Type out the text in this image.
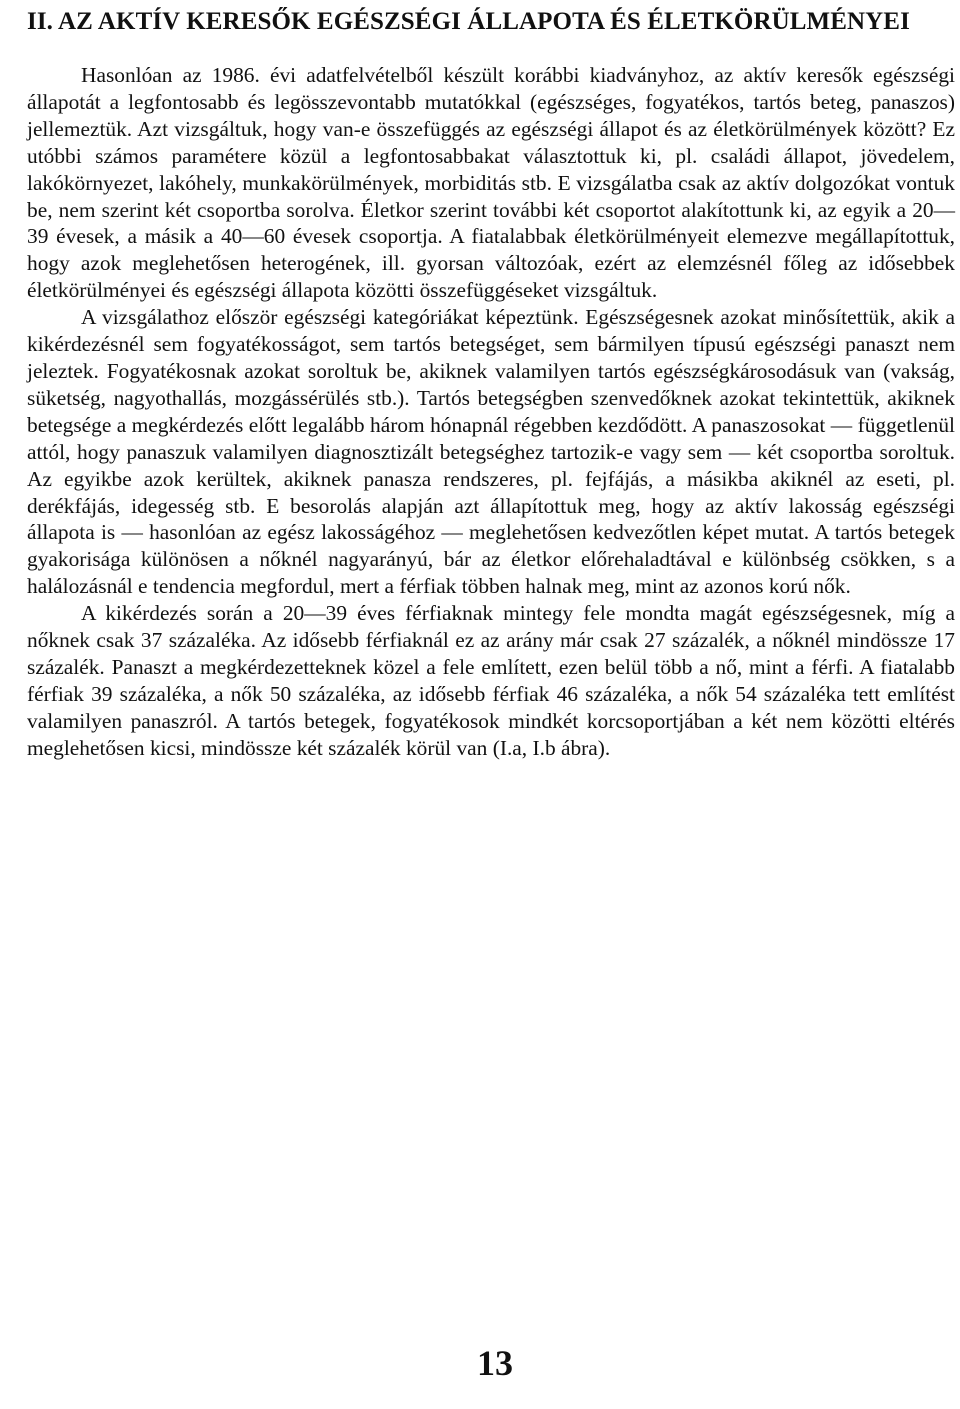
II. AZ AKTÍV KERESŐK EGÉSZSÉGI ÁLLAPOTA ÉS ÉLETKÖRÜLMÉNYEI

Hasonlóan az 1986. évi adatfelvételből készült korábbi kiadványhoz, az aktív keresők egészségi állapotát a legfontosabb és legösszevontabb mutatókkal (egészséges, fogyatékos, tartós beteg, panaszos) jellemeztük. Azt vizsgáltuk, hogy van-e összefüggés az egészségi állapot és az életkörülmények között? Ez utóbbi számos paramétere közül a legfontosabbakat választottuk ki, pl. családi állapot, jövedelem, lakókörnyezet, lakóhely, munkakörülmények, morbiditás stb. E vizsgálatba csak az aktív dolgozókat vontuk be, nem szerint két csoportba sorolva. Életkor szerint további két csoportot alakítottunk ki, az egyik a 20—39 évesek, a másik a 40—60 évesek csoportja. A fiatalabbak életkörülményeit elemezve megállapítottuk, hogy azok meglehetősen heterogének, ill. gyorsan változóak, ezért az elemzésnél főleg az idősebbek életkörülményei és egészségi állapota közötti összefüggéseket vizsgáltuk.

A vizsgálathoz először egészségi kategóriákat képeztünk. Egészségesnek azokat minősítettük, akik a kikérdezésnél sem fogyatékosságot, sem tartós betegséget, sem bármilyen típusú egészségi panaszt nem jeleztek. Fogyatékosnak azokat soroltuk be, akiknek valamilyen tartós egészségkárosodásuk van (vakság, süketség, nagyothallás, mozgássérülés stb.). Tartós betegségben szenvedőknek azokat tekintettük, akiknek betegsége a megkérdezés előtt legalább három hónapnál régebben kezdődött. A panaszosokat — függetlenül attól, hogy panaszuk valamilyen diagnosztizált betegséghez tartozik-e vagy sem — két csoportba soroltuk. Az egyikbe azok kerültek, akiknek panasza rendszeres, pl. fejfájás, a másikba akiknél az eseti, pl. derékfájás, idegesség stb. E besorolás alapján azt állapítottuk meg, hogy az aktív lakosság egészségi állapota is — hasonlóan az egész lakosságéhoz — meglehetősen kedvezőtlen képet mutat. A tartós betegek gyakorisága különösen a nőknél nagyarányú, bár az életkor előrehaladtával e különbség csökken, s a halálozásnál e tendencia megfordul, mert a férfiak többen halnak meg, mint az azonos korú nők.

A kikérdezés során a 20—39 éves férfiaknak mintegy fele mondta magát egészségesnek, míg a nőknek csak 37 százaléka. Az idősebb férfiaknál ez az arány már csak 27 százalék, a nőknél mindössze 17 százalék. Panaszt a megkérdezetteknek közel a fele említett, ezen belül több a nő, mint a férfi. A fiatalabb férfiak 39 százaléka, a nők 50 százaléka, az idősebb férfiak 46 százaléka, a nők 54 százaléka tett említést valamilyen panaszról. A tartós betegek, fogyatékosok mindkét korcsoportjában a két nem közötti eltérés meglehetősen kicsi, mindössze két százalék körül van (I.a, I.b ábra).

13
